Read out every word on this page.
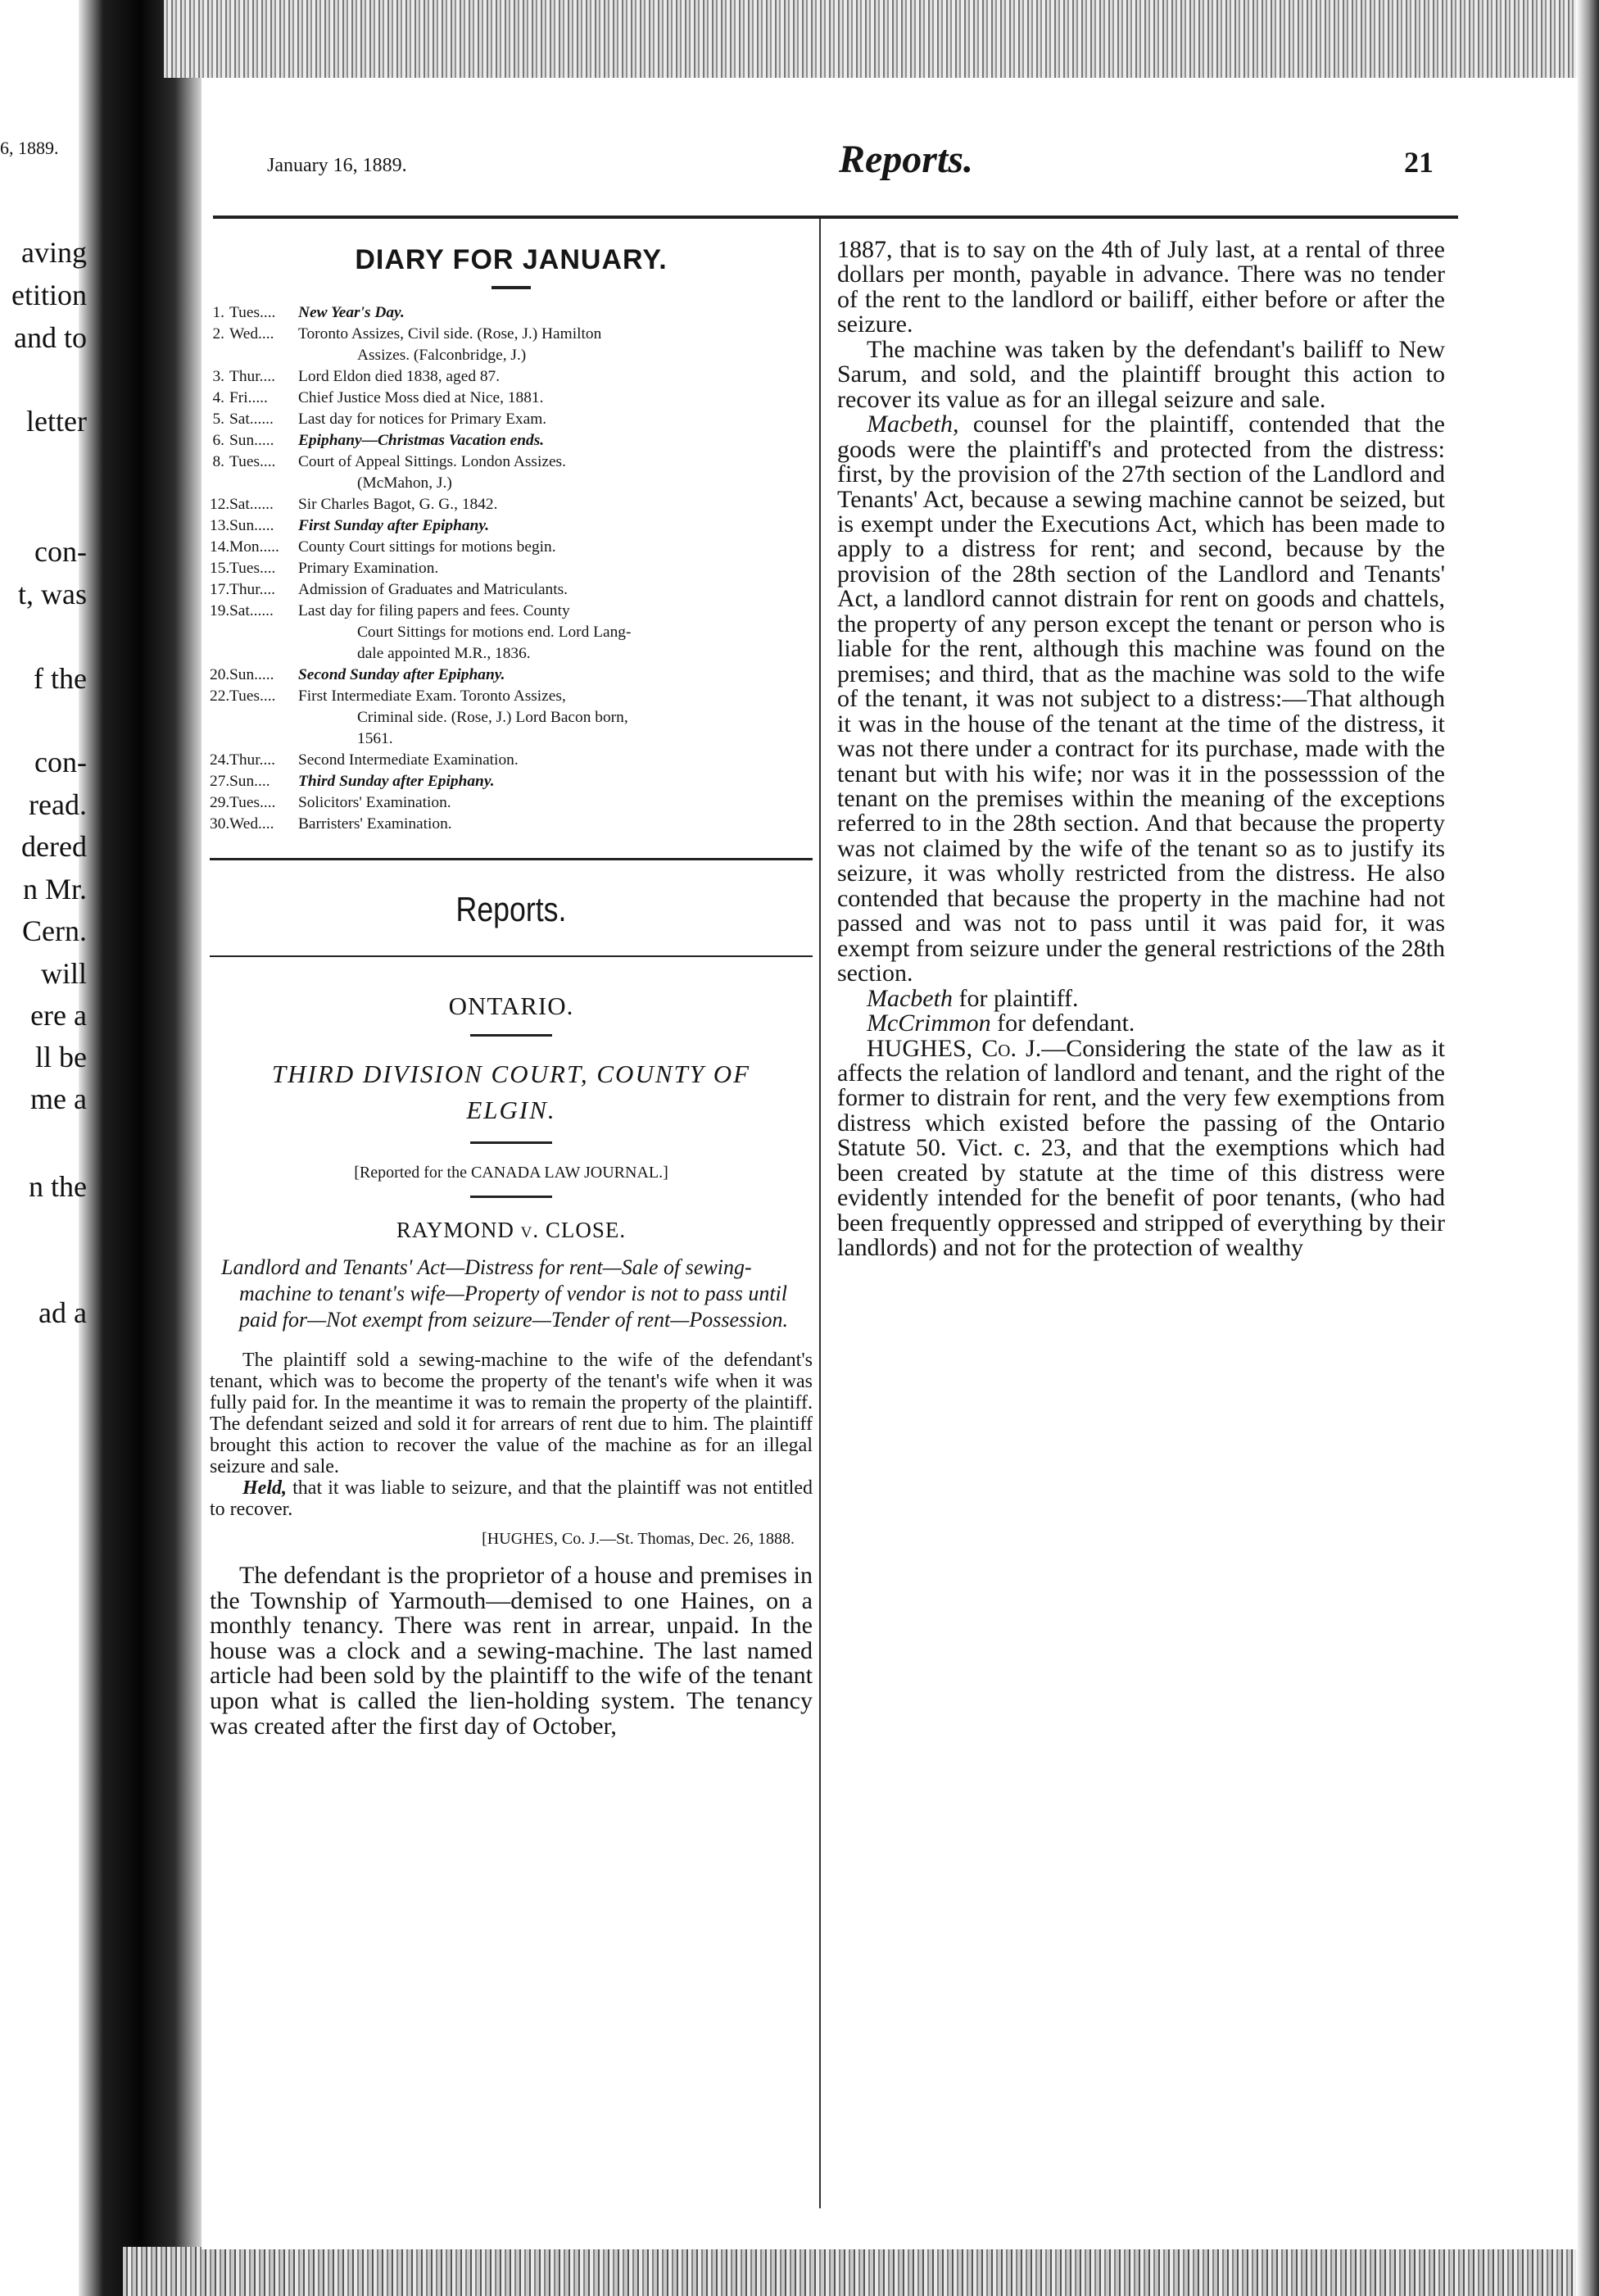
6, 1889.
aving
etition
and to
letter
con-
t, was
f the
con-
read.
dered
n Mr.
Cern.
will
ere a
ll be
me a
n the
ad a
January 16, 1889.	Reports.	21
DIARY FOR JANUARY.
1. Tues....	New Year's Day.
2. Wed....	Toronto Assizes, Civil side. (Rose, J.) Hamilton
Assizes. (Falconbridge, J.)
3. Thur....	Lord Eldon died 1838, aged 87.
4. Fri.....	Chief Justice Moss died at Nice, 1881.
5. Sat......	Last day for notices for Primary Exam.
6. Sun.....	Epiphany—Christmas Vacation ends.
8. Tues....	Court of Appeal Sittings. London Assizes.
(McMahon, J.)
12. Sat......	Sir Charles Bagot, G. G., 1842.
13. Sun.....	First Sunday after Epiphany.
14. Mon.....	County Court sittings for motions begin.
15. Tues....	Primary Examination.
17. Thur....	Admission of Graduates and Matriculants.
19. Sat......	Last day for filing papers and fees. County
Court Sittings for motions end. Lord Lang-
dale appointed M.R., 1836.
20. Sun.....	Second Sunday after Epiphany.
22. Tues....	First Intermediate Exam. Toronto Assizes,
Criminal side. (Rose, J.) Lord Bacon born,
1561.
24. Thur....	Second Intermediate Examination.
27. Sun....	Third Sunday after Epiphany.
29. Tues....	Solicitors' Examination.
30. Wed....	Barristers' Examination.
Reports.
ONTARIO.
THIRD DIVISION COURT, COUNTY OF
ELGIN.
[Reported for the CANADA LAW JOURNAL.]
RAYMOND v. CLOSE.

Landlord and Tenants' Act—Distress for rent—Sale of sewing-machine to tenant's wife—Property of vendor is not to pass until paid for—Not exempt from seizure—Tender of rent—Possession.

The plaintiff sold a sewing-machine to the wife of the defendant's tenant, which was to become the property of the tenant's wife when it was fully paid for. In the meantime it was to remain the property of the plaintiff. The defendant seized and sold it for arrears of rent due to him. The plaintiff brought this action to recover the value of the machine as for an illegal seizure and sale.

Held, that it was liable to seizure, and that the plaintiff was not entitled to recover.

[HUGHES, Co. J.—St. Thomas, Dec. 26, 1888.

The defendant is the proprietor of a house and premises in the Township of Yarmouth—demised to one Haines, on a monthly tenancy. There was rent in arrear, unpaid. In the house was a clock and a sewing-machine. The last named article had been sold by the plaintiff to the wife of the tenant upon what is called the lien-holding system. The tenancy was created after the first day of October,

1887, that is to say on the 4th of July last, at a rental of three dollars per month, payable in advance. There was no tender of the rent to the landlord or bailiff, either before or after the seizure.

The machine was taken by the defendant's bailiff to New Sarum, and sold, and the plaintiff brought this action to recover its value as for an illegal seizure and sale.

Macbeth, counsel for the plaintiff, contended that the goods were the plaintiff's and protected from the distress: first, by the provision of the 27th section of the Landlord and Tenants' Act, because a sewing machine cannot be seized, but is exempt under the Executions Act, which has been made to apply to a distress for rent; and second, because by the provision of the 28th section of the Landlord and Tenants' Act, a landlord cannot distrain for rent on goods and chattels, the property of any person except the tenant or person who is liable for the rent, although this machine was found on the premises; and third, that as the machine was sold to the wife of the tenant, it was not subject to a distress:—That although it was in the house of the tenant at the time of the distress, it was not there under a contract for its purchase, made with the tenant but with his wife; nor was it in the possesssion of the tenant on the premises within the meaning of the exceptions referred to in the 28th section. And that because the property was not claimed by the wife of the tenant so as to justify its seizure, it was wholly restricted from the distress. He also contended that because the property in the machine had not passed and was not to pass until it was paid for, it was exempt from seizure under the general restrictions of the 28th section.

Macbeth for plaintiff.

McCrimmon for defendant.

HUGHES, Co. J.—Considering the state of the law as it affects the relation of landlord and tenant, and the right of the former to distrain for rent, and the very few exemptions from distress which existed before the passing of the Ontario Statute 50. Vict. c. 23, and that the exemptions which had been created by statute at the time of this distress were evidently intended for the benefit of poor tenants, (who had been frequently oppressed and stripped of everything by their landlords) and not for the protection of wealthy
